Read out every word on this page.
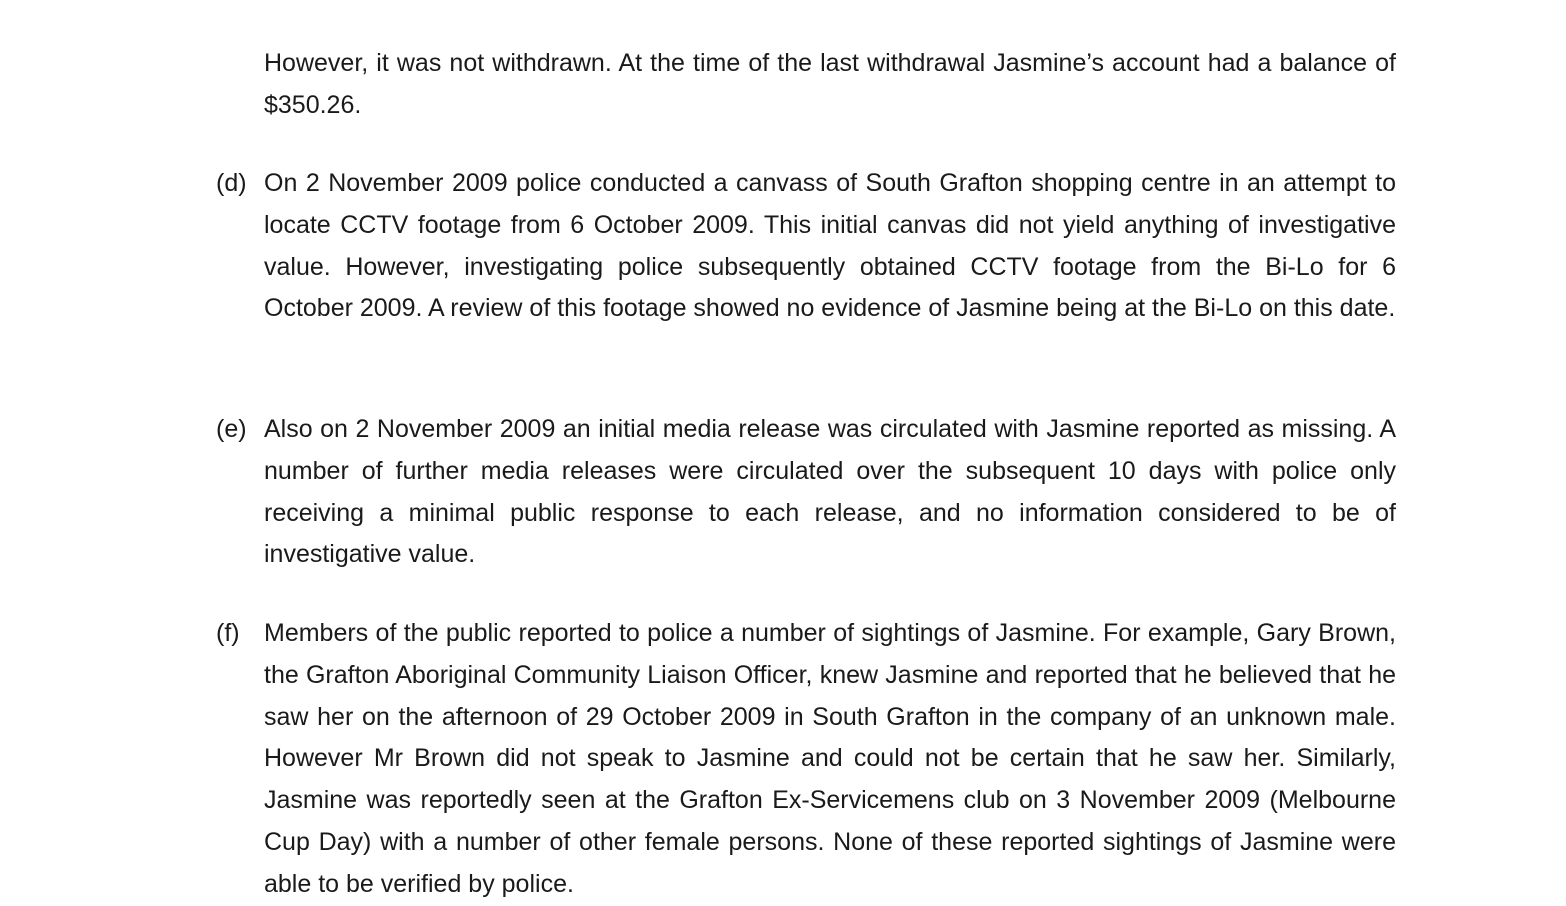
However, it was not withdrawn. At the time of the last withdrawal Jasmine’s account had a balance of $350.26.
(d) On 2 November 2009 police conducted a canvass of South Grafton shopping centre in an attempt to locate CCTV footage from 6 October 2009. This initial canvas did not yield anything of investigative value. However, investigating police subsequently obtained CCTV footage from the Bi-Lo for 6 October 2009. A review of this footage showed no evidence of Jasmine being at the Bi-Lo on this date.
(e) Also on 2 November 2009 an initial media release was circulated with Jasmine reported as missing. A number of further media releases were circulated over the subsequent 10 days with police only receiving a minimal public response to each release, and no information considered to be of investigative value.
(f) Members of the public reported to police a number of sightings of Jasmine. For example, Gary Brown, the Grafton Aboriginal Community Liaison Officer, knew Jasmine and reported that he believed that he saw her on the afternoon of 29 October 2009 in South Grafton in the company of an unknown male. However Mr Brown did not speak to Jasmine and could not be certain that he saw her. Similarly, Jasmine was reportedly seen at the Grafton Ex-Servicemens club on 3 November 2009 (Melbourne Cup Day) with a number of other female persons. None of these reported sightings of Jasmine were able to be verified by police.
